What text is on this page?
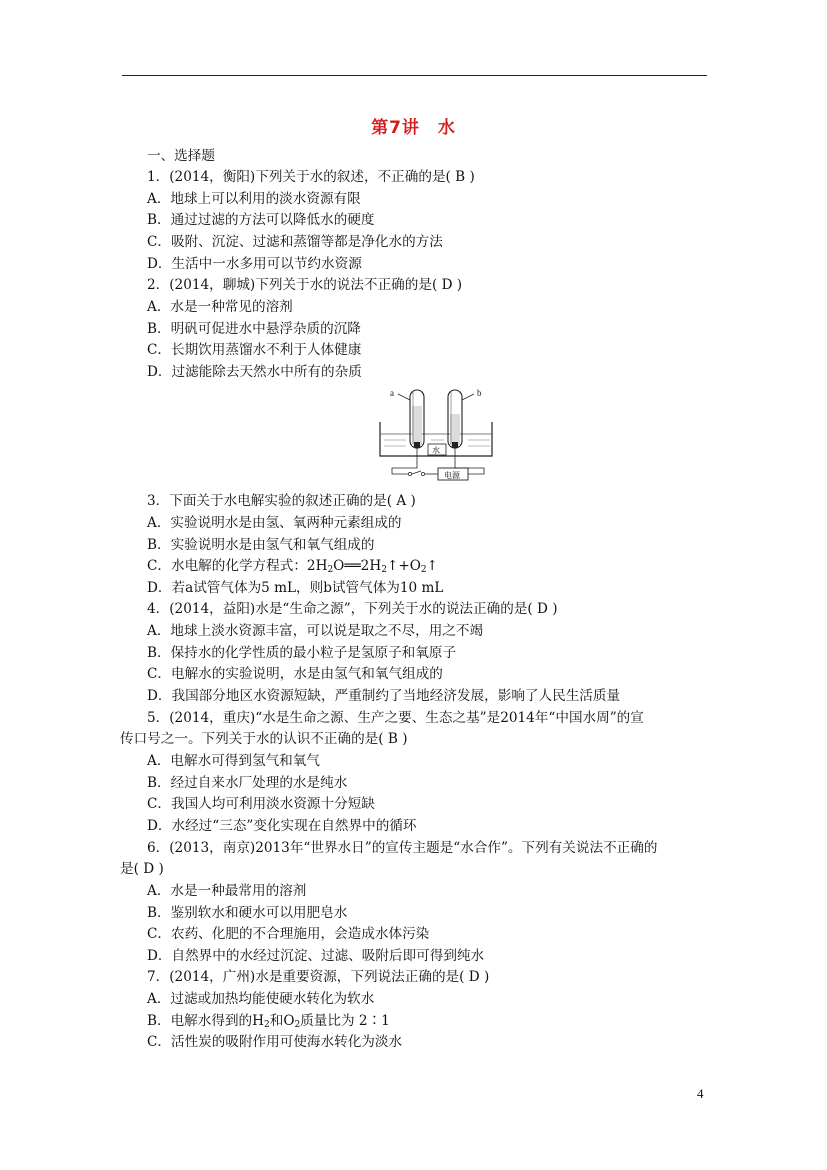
第7讲　水
一、选择题
1．(2014，衡阳)下列关于水的叙述，不正确的是( B )
A．地球上可以利用的淡水资源有限
B．通过过滤的方法可以降低水的硬度
C．吸附、沉淀、过滤和蒸馏等都是净化水的方法
D．生活中一水多用可以节约水资源
2．(2014，聊城)下列关于水的说法不正确的是( D )
A．水是一种常见的溶剂
B．明矾可促进水中悬浮杂质的沉降
C．长期饮用蒸馏水不利于人体健康
D．过滤能除去天然水中所有的杂质
a	b
水
电源
3．下面关于水电解实验的叙述正确的是( A )
A．实验说明水是由氢、氧两种元素组成的
B．实验说明水是由氢气和氧气组成的
C．水电解的化学方程式：$2H_2O══2H_2↑+O_2↑$
D．若a试管气体为5 mL，则b试管气体为10 mL
4．(2014，益阳)水是“生命之源”，下列关于水的说法正确的是( D )
A．地球上淡水资源丰富，可以说是取之不尽，用之不竭
B．保持水的化学性质的最小粒子是氢原子和氧原子
C．电解水的实验说明，水是由氢气和氧气组成的
D．我国部分地区水资源短缺，严重制约了当地经济发展，影响了人民生活质量
5．(2014，重庆)“水是生命之源、生产之要、生态之基”是2014年“中国水周”的宣
传口号之一。下列关于水的认识不正确的是( B )
A．电解水可得到氢气和氧气
B．经过自来水厂处理的水是纯水
C．我国人均可利用淡水资源十分短缺
D．水经过“三态”变化实现在自然界中的循环
6．(2013，南京)2013年“世界水日”的宣传主题是“水合作”。下列有关说法不正确的
是( D )
A．水是一种最常用的溶剂
B．鉴别软水和硬水可以用肥皂水
C．农药、化肥的不合理施用，会造成水体污染
D．自然界中的水经过沉淀、过滤、吸附后即可得到纯水
7．(2014，广州)水是重要资源，下列说法正确的是( D )
A．过滤或加热均能使硬水转化为软水
B．电解水得到的$H_2$和$O_2$质量比为 2∶1
C．活性炭的吸附作用可使海水转化为淡水
4
